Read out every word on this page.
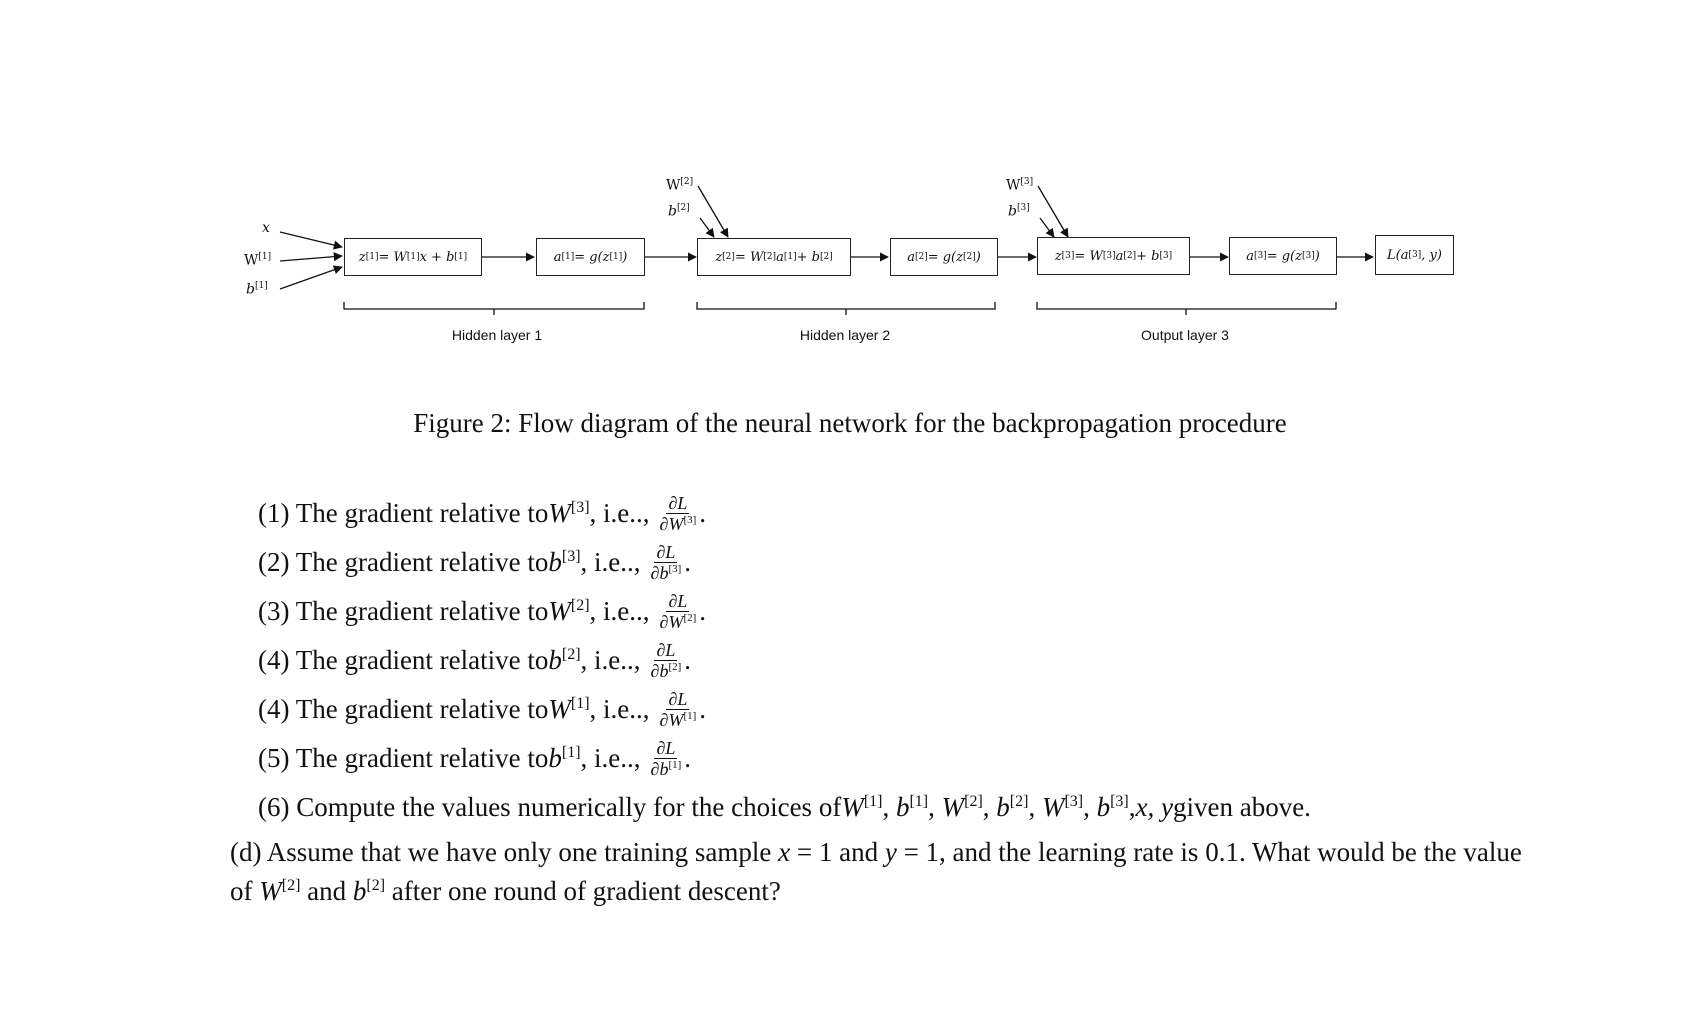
x
W[1]
b[1]
W[2]
b[2]
W[3]
b[3]
z [1] = W [1] x + b [1]	a [1] = g(z [1] )	z [2] = W [2] a [1] + b [2]	a [2] = g(z [2] )	z [3] = W [3] a [2] + b [3]	a [3] = g(z [3] )	L(a [3] , y)
Hidden layer 1	Hidden layer 2	Output layer 3
Figure 2: Flow diagram of the neural network for the backpropagation procedure
(1) The gradient relative to W[3] , i.e.., $\frac{\partial L}{\partial W^{[3]}}$ .
(2) The gradient relative to b[3] , i.e.., $\frac{\partial L}{\partial b^{[3]}}$ .
(3) The gradient relative to W[2] , i.e.., $\frac{\partial L}{\partial W^{[2]}}$ .
(4) The gradient relative to b[2] , i.e.., $\frac{\partial L}{\partial b^{[2]}}$ .
(4) The gradient relative to W[1] , i.e.., $\frac{\partial L}{\partial W^{[1]}}$ .
(5) The gradient relative to b[1] , i.e.., $\frac{\partial L}{\partial b^{[1]}}$ .
(6) Compute the values numerically for the choices of W[1], b[1], W[2], b[2], W[3], b[3], x, y given above.
(d) Assume that we have only one training sample x = 1 and y = 1, and the learning rate is 0.1. What would be the value of W[2] and b[2] after one round of gradient descent?
